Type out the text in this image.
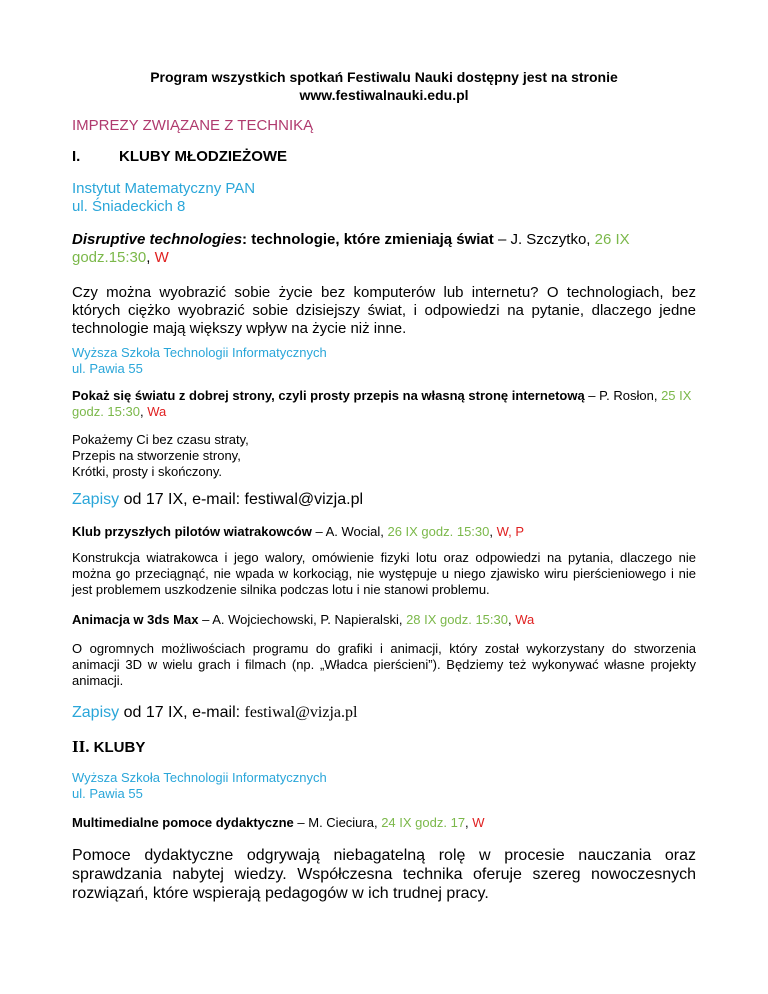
Program wszystkich spotkań Festiwalu Nauki dostępny jest na stronie
www.festiwalnauki.edu.pl
IMPREZY ZWIĄZANE Z TECHNIKĄ
I.	KLUBY MŁODZIEŻOWE
Instytut Matematyczny PAN
ul. Śniadeckich 8
Disruptive technologies: technologie, które zmieniają świat – J. Szczytko, 26 IX godz.15:30, W
Czy można wyobrazić sobie życie bez komputerów lub internetu? O technologiach, bez których ciężko wyobrazić sobie dzisiejszy świat, i odpowiedzi na pytanie, dlaczego jedne technologie mają większy wpływ na życie niż inne.
Wyższa Szkoła Technologii Informatycznych
ul. Pawia 55
Pokaż się światu z dobrej strony, czyli prosty przepis na własną stronę internetową – P. Rosłon, 25 IX godz. 15:30, Wa
Pokażemy Ci bez czasu straty,
Przepis na stworzenie strony,
Krótki, prosty i skończony.
Zapisy od 17 IX, e-mail: festiwal@vizja.pl
Klub przyszłych pilotów wiatrakowców – A. Wocial, 26 IX godz. 15:30, W, P
Konstrukcja wiatrakowca i jego walory, omówienie fizyki lotu oraz odpowiedzi na pytania, dlaczego nie można go przeciągnąć, nie wpada w korkociąg, nie występuje u niego zjawisko wiru pierścieniowego i nie jest problemem uszkodzenie silnika podczas lotu i nie stanowi problemu.
Animacja w 3ds Max – A. Wojciechowski, P. Napieralski, 28 IX godz. 15:30, Wa
O ogromnych możliwościach programu do grafiki i animacji, który został wykorzystany do stworzenia animacji 3D w wielu grach i filmach (np. „Władca pierścieni”). Będziemy też wykonywać własne projekty animacji.
Zapisy od 17 IX, e-mail: festiwal@vizja.pl
II. KLUBY
Wyższa Szkoła Technologii Informatycznych
ul. Pawia 55
Multimedialne pomoce dydaktyczne – M. Cieciura, 24 IX godz. 17, W
Pomoce dydaktyczne odgrywają niebagatelną rolę w procesie nauczania oraz sprawdzania nabytej wiedzy. Współczesna technika oferuje szereg nowoczesnych rozwiązań, które wspierają pedagogów w ich trudnej pracy.
